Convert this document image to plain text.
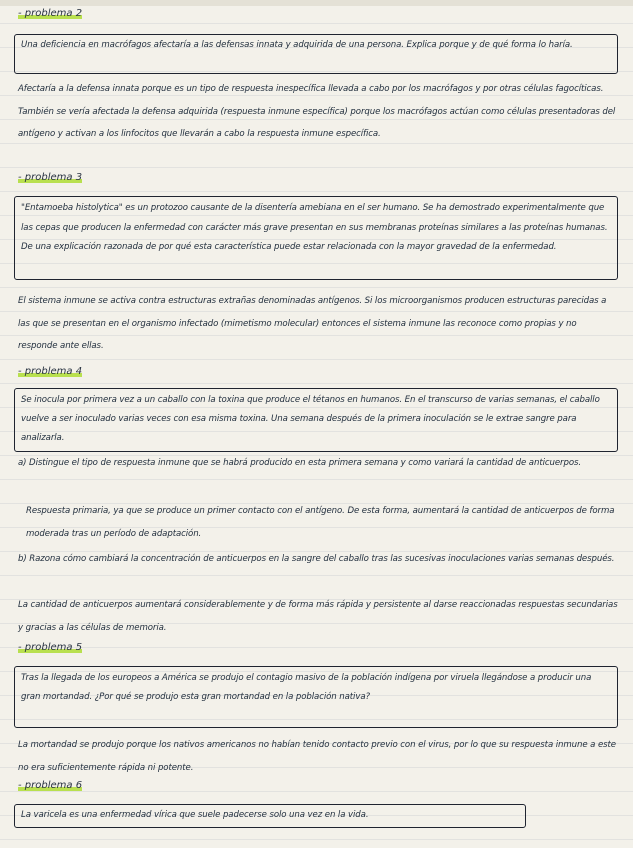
- problema 2
Una deficiencia en macrófagos afectaría a las defensas innata y adquirida de una persona. Explica porque y de qué forma lo haría.
Afectaría a la defensa innata porque es un tipo de respuesta inespecífica llevada a cabo por los macrófagos y por otras células fagocíticas. También se vería afectada la defensa adquirida (respuesta inmune específica) porque los macrófagos actúan como células presentadoras del antígeno y activan a los linfocitos que llevarán a cabo la respuesta inmune específica.
- problema 3
"Entamoeba histolytica" es un protozoo causante de la disentería amebiana en el ser humano. Se ha demostrado experimentalmente que las cepas que producen la enfermedad con carácter más grave presentan en sus membranas proteínas similares a las proteínas humanas. De una explicación razonada de por qué esta característica puede estar relacionada con la mayor gravedad de la enfermedad.
El sistema inmune se activa contra estructuras extrañas denominadas antígenos. Si los microorganismos producen estructuras parecidas a las que se presentan en el organismo infectado (mimetismo molecular) entonces el sistema inmune las reconoce como propias y no responde ante ellas.
- problema 4
Se inocula por primera vez a un caballo con la toxina que produce el tétanos en humanos. En el transcurso de varias semanas, el caballo vuelve a ser inoculado varias veces con esa misma toxina. Una semana después de la primera inoculación se le extrae sangre para analizarla.
a) Distingue el tipo de respuesta inmune que se habrá producido en esta primera semana y como variará la cantidad de anticuerpos.
Respuesta primaria, ya que se produce un primer contacto con el antígeno. De esta forma, aumentará la cantidad de anticuerpos de forma moderada tras un período de adaptación.
b) Razona cómo cambiará la concentración de anticuerpos en la sangre del caballo tras las sucesivas inoculaciones varias semanas después.
La cantidad de anticuerpos aumentará considerablemente y de forma más rápida y persistente al darse reaccionadas respuestas secundarias y gracias a las células de memoria.
- problema 5
Tras la llegada de los europeos a América se produjo el contagio masivo de la población indígena por viruela llegándose a producir una gran mortandad. ¿Por qué se produjo esta gran mortandad en la población nativa?
La mortandad se produjo porque los nativos americanos no habían tenido contacto previo con el virus, por lo que su respuesta inmune a este no era suficientemente rápida ni potente.
- problema 6
La varicela es una enfermedad vírica que suele padecerse solo una vez en la vida.
